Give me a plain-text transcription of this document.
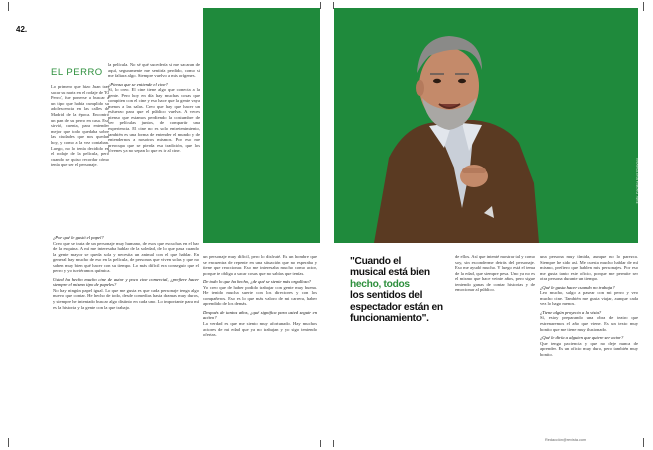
42.
EL PERRO

Lo primero que hizo Juan tras sacar su nariz en el rodaje de 'El Perro', fue ponerse a buscar a un tipo que había cumplido su adolescencia en las calles de Madrid de la época. Encontró un pan de su perro en casa. Eso sirvió, cuenta, para entender mejor que todo quedaba sobre las ciudades que nos quedan hoy, y como a la vez contaban. Luego, no lo tenía decidido en el rodaje de la película, pero cuando se quiso recordar cómo tenía que ser el personaje.

la película. No sé qué sucedería si me sacaran de aquí, seguramente me sentiría perdido, como si me faltara algo. Siempre vuelvo a mis orígenes.

¿Piensa que se entiende el cine?

Sí, lo creo. El cine tiene algo que conecta a la gente. Pero hoy en día hay muchas cosas que compiten con el cine y eso hace que la gente vaya menos a las salas. Creo que hay que hacer un esfuerzo para que el público vuelva. A veces pienso que estamos perdiendo la costumbre de ver películas juntos, de compartir una experiencia. El cine no es solo entretenimiento, también es una forma de entender el mundo y de entendernos a nosotros mismos. Por eso me preocupa que se pierda esa tradición, que los jóvenes ya no sepan lo que es ir al cine.

¿Por qué le gustó el papel?

Creo que se trata de un personaje muy humano, de esos que escuchas en el bar de la esquina. A mí me interesaba hablar de la soledad, de lo que pasa cuando la gente mayor se queda sola y necesita un animal con el que hablar. En general hay mucho de eso en la película, de personas que viven solas y que no saben muy bien qué hacer con su tiempo. Lo más difícil era conseguir que el perro y yo tuviéramos química.

Usted ha hecho mucho cine de autor y poco cine comercial, ¿prefiere hacer siempre el mismo tipo de papeles?

No hay ningún papel igual. Lo que me gusta es que cada personaje tenga algo nuevo que contar. He hecho de todo, desde comedias hasta dramas muy duros, y siempre he intentado buscar algo distinto en cada uno. Lo importante para mí es la historia y la gente con la que trabajo.

un personaje muy difícil, pero lo disfruté. Es un hombre que se encuentra de repente en una situación que no esperaba y tiene que reaccionar. Eso me interesaba mucho como actor, porque te obliga a sacar cosas que no sabías que tenías.

De todo lo que ha hecho, ¿de qué se siente más orgulloso?

Yo creo que de haber podido trabajar con gente muy buena. He tenido mucha suerte con los directores y con los compañeros. Eso es lo que más valoro de mi carrera, haber aprendido de los demás.

Después de tantos años, ¿qué significa para usted seguir en activo?

La verdad es que me siento muy afortunado. Hay muchos actores de mi edad que ya no trabajan y yo sigo teniendo ofertas.

Foto: Carolina Ruiz Palacios
"Cuando el
musical está bien
hecho, todos
los sentidos del
espectador están en
funcionamiento".

de ellos. Así que intenté mostrar tal y como soy, sin esconderme detrás del personaje. Eso me ayudó mucho. Y luego está el tema de la edad, que siempre pesa. Uno ya no es el mismo que hace veinte años, pero sigue teniendo ganas de contar historias y de emocionar al público.

una persona muy tímida, aunque no lo parezca. Siempre he sido así. Me cuesta mucho hablar de mí mismo, prefiero que hablen mis personajes. Por eso me gusta tanto este oficio, porque me permite ser otra persona durante un tiempo.

¿Qué le gusta hacer cuando no trabaja?

Leo mucho, salgo a pasear con mi perro y veo mucho cine. También me gusta viajar, aunque cada vez lo hago menos.

¿Tiene algún proyecto a la vista?

Sí, estoy preparando una obra de teatro que estrenaremos el año que viene. Es un texto muy bonito que me tiene muy ilusionado.

¿Qué le diría a alguien que quiere ser actor?

Que tenga paciencia y que no deje nunca de aprender. Es un oficio muy duro, pero también muy bonito.

Redacción@revista.com
